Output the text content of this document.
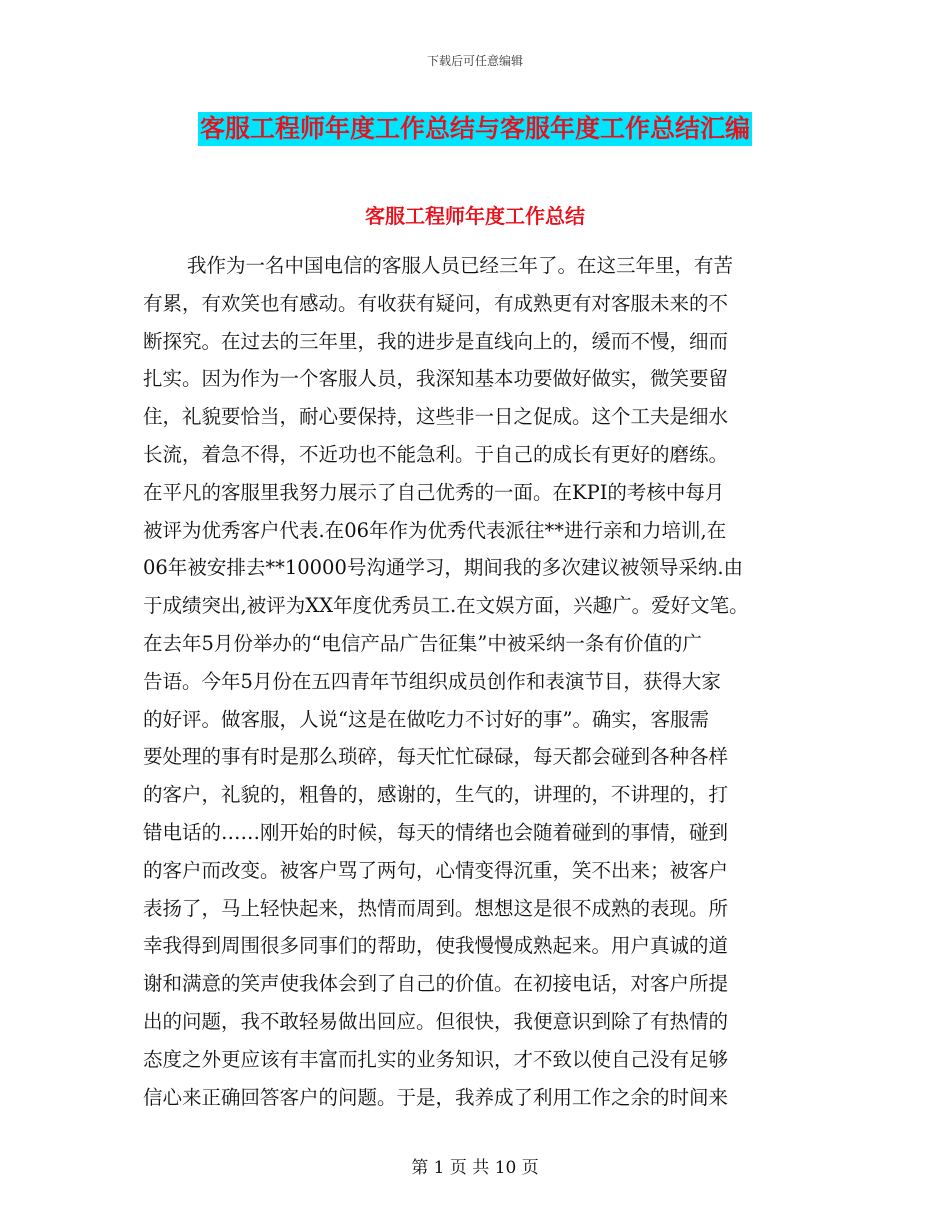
下载后可任意编辑
客服工程师年度工作总结与客服年度工作总结汇编
客服工程师年度工作总结
我作为一名中国电信的客服人员已经三年了。在这三年里，有苦
有累，有欢笑也有感动。有收获有疑问，有成熟更有对客服未来的不
断探究。在过去的三年里，我的进步是直线向上的，缓而不慢，细而
扎实。因为作为一个客服人员，我深知基本功要做好做实，微笑要留
住，礼貌要恰当，耐心要保持，这些非一日之促成。这个工夫是细水
长流，着急不得，不近功也不能急利。于自己的成长有更好的磨练。
在平凡的客服里我努力展示了自己优秀的一面。在KPI的考核中每月
被评为优秀客户代表.在06年作为优秀代表派往**进行亲和力培训,在
06年被安排去**10000号沟通学习，期间我的多次建议被领导采纳.由
于成绩突出,被评为XX年度优秀员工.在文娱方面，兴趣广。爱好文笔。
在去年5月份举办的“电信产品广告征集”中被采纳一条有价值的广
告语。今年5月份在五四青年节组织成员创作和表演节目，获得大家
的好评。做客服，人说“这是在做吃力不讨好的事”。确实，客服需
要处理的事有时是那么琐碎，每天忙忙碌碌，每天都会碰到各种各样
的客户，礼貌的，粗鲁的，感谢的，生气的，讲理的，不讲理的，打
错电话的……刚开始的时候，每天的情绪也会随着碰到的事情，碰到
的客户而改变。被客户骂了两句，心情变得沉重，笑不出来；被客户
表扬了，马上轻快起来，热情而周到。想想这是很不成熟的表现。所
幸我得到周围很多同事们的帮助，使我慢慢成熟起来。用户真诚的道
谢和满意的笑声使我体会到了自己的价值。在初接电话，对客户所提
出的问题，我不敢轻易做出回应。但很快，我便意识到除了有热情的
态度之外更应该有丰富而扎实的业务知识，才不致以使自己没有足够
信心来正确回答客户的问题。于是，我养成了利用工作之余的时间来
第 1 页 共 10 页
